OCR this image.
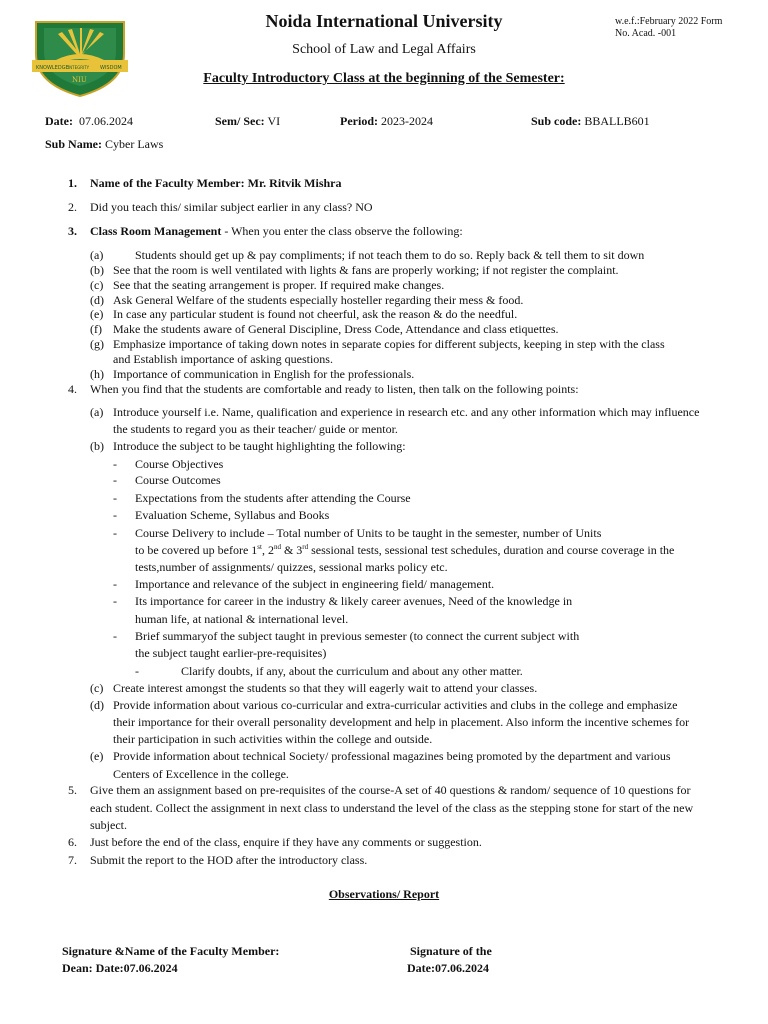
KNOWLEDGE INTEGRITY WISDOM
NIU
Noida International University
School of Law and Legal Affairs
Faculty Introductory Class at the beginning of the Semester:
w.e.f.:February 2022 Form
No. Acad. -001
Date: 07.06.2024	Sem/ Sec: VI	Period: 2023-2024	Sub code: BBALLB601
Sub Name: Cyber Laws
1. Name of the Faculty Member: Mr. Ritvik Mishra
2. Did you teach this/ similar subject earlier in any class? NO
3. Class Room Management - When you enter the class observe the following:
(a)	Students should get up & pay compliments; if not teach them to do so. Reply back & tell them to sit down
(b) See that the room is well ventilated with lights & fans are properly working; if not register the complaint.
(c) See that the seating arrangement is proper. If required make changes.
(d) Ask General Welfare of the students especially hosteller regarding their mess & food.
(e) In case any particular student is found not cheerful, ask the reason & do the needful.
(f) Make the students aware of General Discipline, Dress Code, Attendance and class etiquettes.
(g) Emphasize importance of taking down notes in separate copies for different subjects, keeping in step with the class
and Establish importance of asking questions.
(h) Importance of communication in English for the professionals.
4. When you find that the students are comfortable and ready to listen, then talk on the following points:
(a) Introduce yourself i.e. Name, qualification and experience in research etc. and any other information which may influence
the students to regard you as their teacher/ guide or mentor.
(b) Introduce the subject to be taught highlighting the following:
- Course Objectives
- Course Outcomes
- Expectations from the students after attending the Course
- Evaluation Scheme, Syllabus and Books
- Course Delivery to include – Total number of Units to be taught in the semester, number of Units
to be covered up before 1st, 2nd & 3rd sessional tests, sessional test schedules, duration and course coverage in the
tests,number of assignments/ quizzes, sessional marks policy etc.
- Importance and relevance of the subject in engineering field/ management.
- Its importance for career in the industry & likely career avenues, Need of the knowledge in
human life, at national & international level.
- Brief summaryof the subject taught in previous semester (to connect the current subject with
the subject taught earlier-pre-requisites)
-	Clarify doubts, if any, about the curriculum and about any other matter.
(c) Create interest amongst the students so that they will eagerly wait to attend your classes.
(d) Provide information about various co-curricular and extra-curricular activities and clubs in the college and emphasize
their importance for their overall personality development and help in placement. Also inform the incentive schemes for
their participation in such activities within the college and outside.
(e) Provide information about technical Society/ professional magazines being promoted by the department and various
Centers of Excellence in the college.
5. Give them an assignment based on pre-requisites of the course-A set of 40 questions & random/ sequence of 10 questions for
each student. Collect the assignment in next class to understand the level of the class as the stepping stone for start of the new
subject.
6. Just before the end of the class, enquire if they have any comments or suggestion.
7. Submit the report to the HOD after the introductory class.
Observations/ Report
Signature &Name of the Faculty Member:	Signature of the
Dean: Date:07.06.2024	Date:07.06.2024
